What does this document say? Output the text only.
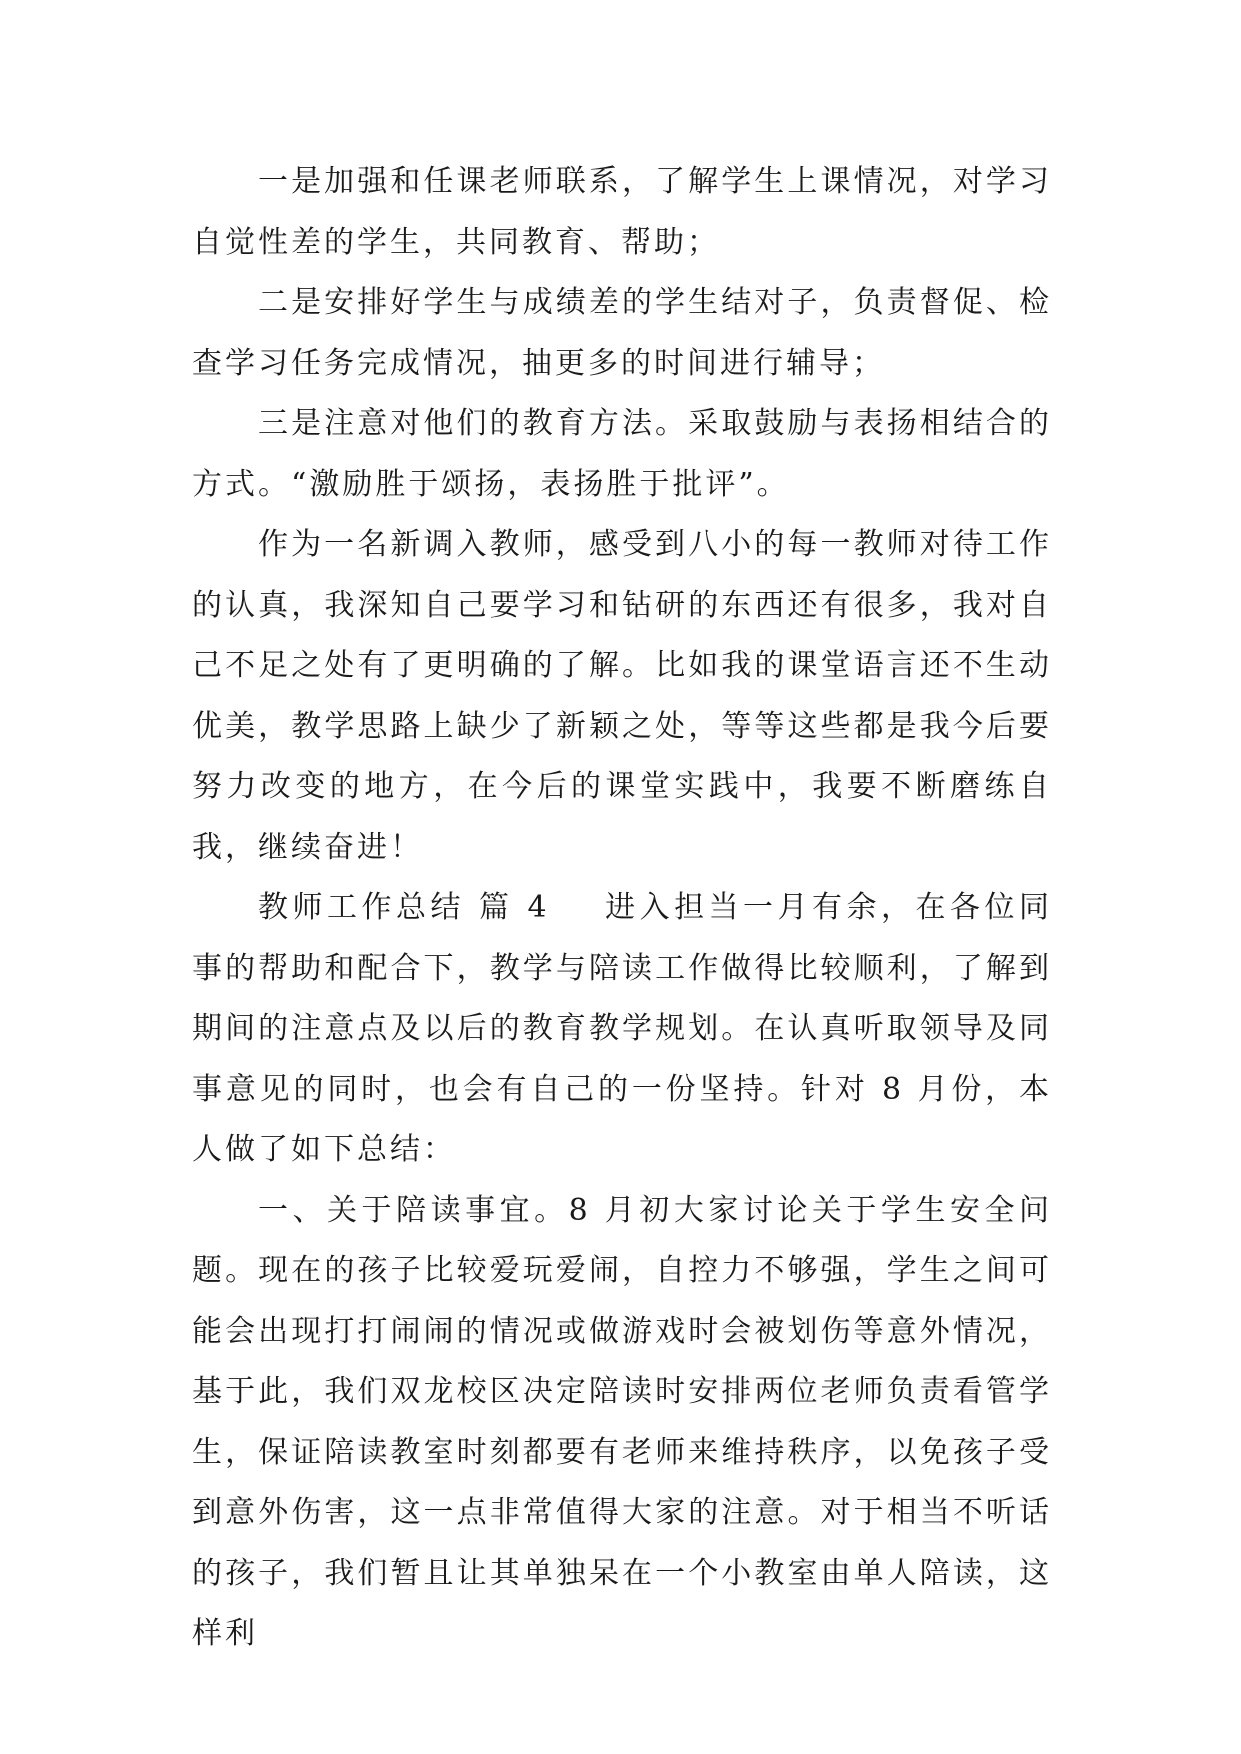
一是加强和任课老师联系，了解学生上课情况，对学习自觉性差的学生，共同教育、帮助；

二是安排好学生与成绩差的学生结对子，负责督促、检查学习任务完成情况，抽更多的时间进行辅导；

三是注意对他们的教育方法。采取鼓励与表扬相结合的方式。“激励胜于颂扬，表扬胜于批评”。

作为一名新调入教师，感受到八小的每一教师对待工作的认真，我深知自己要学习和钻研的东西还有很多，我对自己不足之处有了更明确的了解。比如我的课堂语言还不生动优美，教学思路上缺少了新颖之处，等等这些都是我今后要努力改变的地方，在今后的课堂实践中，我要不断磨练自我，继续奋进！

教师工作总结 篇 4 进入担当一月有余，在各位同事的帮助和配合下，教学与陪读工作做得比较顺利，了解到期间的注意点及以后的教育教学规划。在认真听取领导及同事意见的同时，也会有自己的一份坚持。针对 8 月份，本人做了如下总结：

一、关于陪读事宜。8 月初大家讨论关于学生安全问题。现在的孩子比较爱玩爱闹，自控力不够强，学生之间可能会出现打打闹闹的情况或做游戏时会被划伤等意外情况，基于此，我们双龙校区决定陪读时安排两位老师负责看管学生，保证陪读教室时刻都要有老师来维持秩序，以免孩子受到意外伤害，这一点非常值得大家的注意。对于相当不听话的孩子，我们暂且让其单独呆在一个小教室由单人陪读，这样利
